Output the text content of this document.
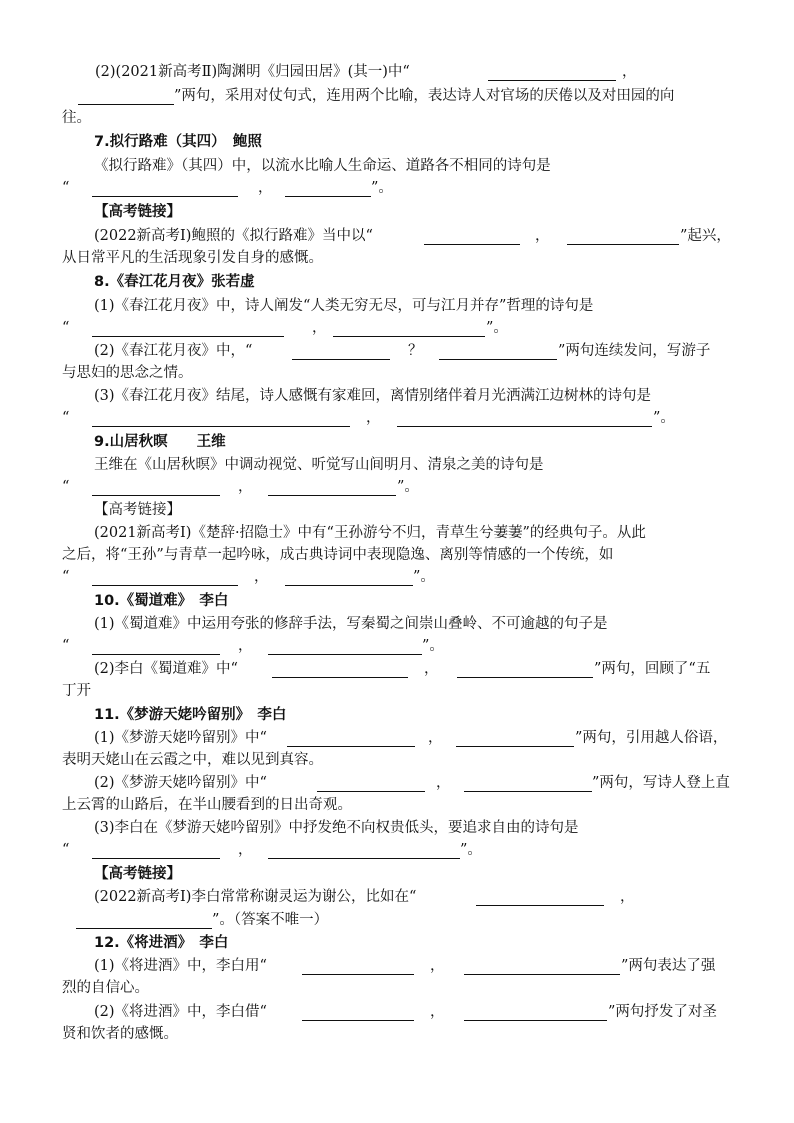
(2)(2021新高考Ⅱ)陶渊明《归园田居》(其一)中“	，
”两句，采用对仗句式，连用两个比喻，表达诗人对官场的厌倦以及对田园的向
往。
7.拟行路难（其四）　鲍照
《拟行路难》（其四）中，以流水比喻人生命运、道路各不相同的诗句是
“	，	”。
【高考链接】
(2022新高考Ⅰ)鲍照的《拟行路难》当中以“	，	”起兴，
从日常平凡的生活现象引发自身的感慨。
8.《春江花月夜》张若虚
(1)《春江花月夜》中，诗人阐发“人类无穷无尽，可与江月并存”哲理的诗句是
“	，	”。
(2)《春江花月夜》中，“	？	”两句连续发问，写游子
与思妇的思念之情。
(3)《春江花月夜》结尾，诗人感慨有家难回，离情别绪伴着月光洒满江边树林的诗句是
“	，	”。
9.山居秋暝　　王维
王维在《山居秋暝》中调动视觉、听觉写山间明月、清泉之美的诗句是
“	，	”。
【高考链接】
(2021新高考Ⅰ)《楚辞·招隐士》中有“王孙游兮不归，青草生兮萋萋”的经典句子。从此
之后，将“王孙”与青草一起吟咏，成古典诗词中表现隐逸、离别等情感的一个传统，如
“	，	”。
10.《蜀道难》　李白
(1)《蜀道难》中运用夸张的修辞手法，写秦蜀之间崇山叠岭、不可逾越的句子是
“	，	”。
(2)李白《蜀道难》中“	，	”两句，回顾了“五
丁开
11.《梦游天姥吟留别》　李白
(1)《梦游天姥吟留别》中“	，	”两句，引用越人俗语，
表明天姥山在云霞之中，难以见到真容。
(2)《梦游天姥吟留别》中“	，	”两句，写诗人登上直
上云霄的山路后，在半山腰看到的日出奇观。
(3)李白在《梦游天姥吟留别》中抒发绝不向权贵低头，要追求自由的诗句是
“	，	”。
【高考链接】
(2022新高考Ⅰ)李白常常称谢灵运为谢公，比如在“	，
”。（答案不唯一）
12.《将进酒》　李白
(1)《将进酒》中，李白用“	，	”两句表达了强
烈的自信心。
(2)《将进酒》中，李白借“	，	”两句抒发了对圣
贤和饮者的感慨。
